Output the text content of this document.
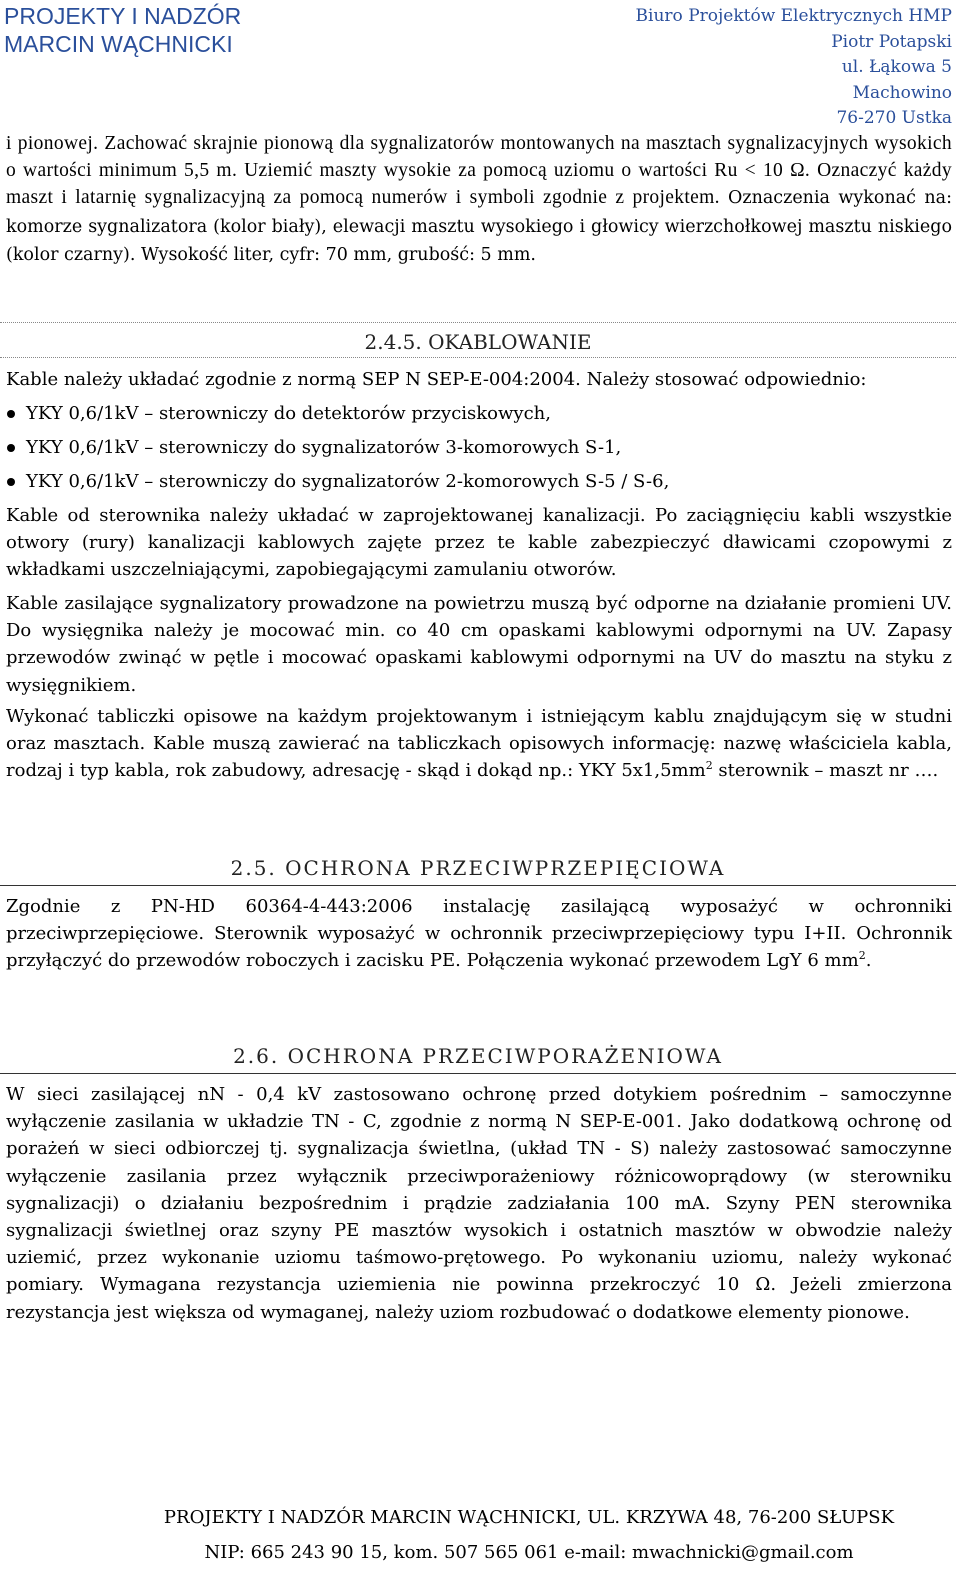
PROJEKTY I NADZÓR
MARCIN WĄCHNICKI
Biuro Projektów Elektrycznych HMP
Piotr Potapski
ul. Łąkowa 5
Machowino
76-270 Ustka

i pionowej. Zachować skrajnie pionową dla sygnalizatorów montowanych na masztach sygnalizacyjnych wysokich o wartości minimum 5,5 m. Uziemić maszty wysokie za pomocą uziomu o wartości Ru < 10 Ω. Oznaczyć każdy maszt i latarnię sygnalizacyjną za pomocą numerów i symboli zgodnie z projektem. Oznaczenia wykonać na: komorze sygnalizatora (kolor biały), elewacji masztu wysokiego i głowicy wierzchołkowej masztu niskiego (kolor czarny). Wysokość liter, cyfr: 70 mm, grubość: 5 mm.

2.4.5. OKABLOWANIE

Kable należy układać zgodnie z normą SEP N SEP-E-004:2004. Należy stosować odpowiednio:

YKY 0,6/1kV – sterowniczy do detektorów przyciskowych,
YKY 0,6/1kV – sterowniczy do sygnalizatorów 3-komorowych S-1,
YKY 0,6/1kV – sterowniczy do sygnalizatorów 2-komorowych S-5 / S-6,

Kable od sterownika należy układać w zaprojektowanej kanalizacji. Po zaciągnięciu kabli wszystkie otwory (rury) kanalizacji kablowych zajęte przez te kable zabezpieczyć dławicami czopowymi z wkładkami uszczelniającymi, zapobiegającymi zamulaniu otworów.

Kable zasilające sygnalizatory prowadzone na powietrzu muszą być odporne na działanie promieni UV. Do wysięgnika należy je mocować min. co 40 cm opaskami kablowymi odpornymi na UV. Zapasy przewodów zwinąć w pętle i mocować opaskami kablowymi odpornymi na UV do masztu na styku z wysięgnikiem.

Wykonać tabliczki opisowe na każdym projektowanym i istniejącym kablu znajdującym się w studni oraz masztach. Kable muszą zawierać na tabliczkach opisowych informację: nazwę właściciela kabla, rodzaj i typ kabla, rok zabudowy, adresację - skąd i dokąd np.: YKY $5x1,5mm^2$ sterownik – maszt nr ….

2.5. OCHRONA PRZECIWPRZEPIĘCIOWA

Zgodnie z PN-HD 60364-4-443:2006 instalację zasilającą wyposażyć w ochronniki przeciwprzepięciowe. Sterownik wyposażyć w ochronnik przeciwprzepięciowy typu I+II. Ochronnik przyłączyć do przewodów roboczych i zacisku PE. Połączenia wykonać przewodem LgY 6 $mm^2$.

2.6. OCHRONA PRZECIWPORAŻENIOWA

W sieci zasilającej nN - 0,4 kV zastosowano ochronę przed dotykiem pośrednim – samoczynne wyłączenie zasilania w układzie TN - C, zgodnie z normą N SEP-E-001. Jako dodatkową ochronę od porażeń w sieci odbiorczej tj. sygnalizacja świetlna, (układ TN - S) należy zastosować samoczynne wyłączenie zasilania przez wyłącznik przeciwporażeniowy różnicowoprądowy (w sterowniku sygnalizacji) o działaniu bezpośrednim i prądzie zadziałania 100 mA. Szyny PEN sterownika sygnalizacji świetlnej oraz szyny PE masztów wysokich i ostatnich masztów w obwodzie należy uziemić, przez wykonanie uziomu taśmowo-prętowego. Po wykonaniu uziomu, należy wykonać pomiary. Wymagana rezystancja uziemienia nie powinna przekroczyć 10 Ω. Jeżeli zmierzona rezystancja jest większa od wymaganej, należy uziom rozbudować o dodatkowe elementy pionowe.

PROJEKTY I NADZÓR MARCIN WĄCHNICKI, UL. KRZYWA 48, 76-200 SŁUPSK
NIP: 665 243 90 15, kom. 507 565 061 e-mail: mwachnicki@gmail.com
